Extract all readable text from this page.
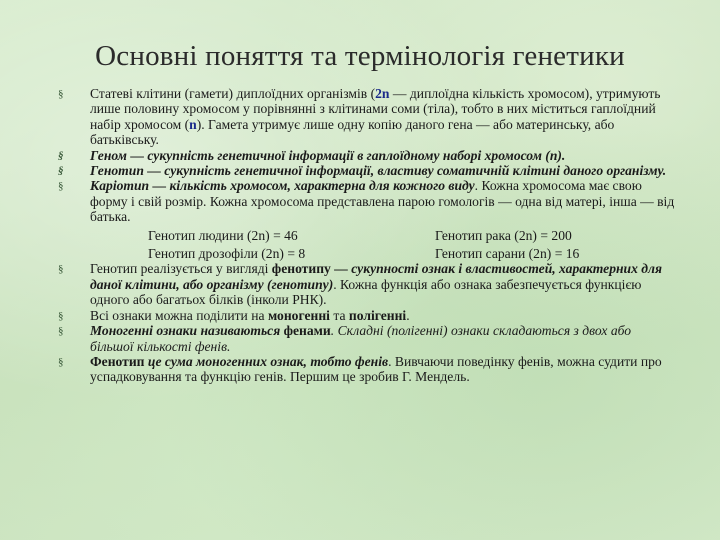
Основні поняття та термінологія генетики

§ Статеві клітини (гамети) диплоїдних організмів (2n — диплоїдна кількість хромосом), утримують лише половину хромосом у порівнянні з клітинами соми (тіла), тобто в них міститься гаплоїдний набір хромосом (n). Гамета утримує лише одну копію даного гена — або материнську, або батьківську.

§ Геном — сукупність генетичної інформації в гаплоїдному наборі хромосом (n).

§ Генотип — сукупність генетичної інформації, властиву соматичній клітині даного організму.

§ Каріотип — кількість хромосом, характерна для кожного виду. Кожна хромосома має свою форму і свій розмір. Кожна хромосома представлена парою гомологів — одна від матері, інша — від батька.
Генотип людини (2n) = 46	Генотип рака (2n) = 200
Генотип дрозофіли (2n) = 8	Генотип сарани (2n) = 16

§ Генотип реалізується у вигляді фенотипу — сукупності ознак і властивостей, характерних для даної клітини, або організму (генотипу). Кожна функція або ознака забезпечується функцією одного або багатьох білків (інколи РНК).

§ Всі ознаки можна поділити на моногенні та полігенні.

§ Моногенні ознаки називаються фенами. Складні (полігенні) ознаки складаються з двох або більшої кількості фенів.

§ Фенотип це сума моногенних ознак, тобто фенів. Вивчаючи поведінку фенів, можна судити про успадковування та функцію генів. Першим це зробив Г. Мендель.
